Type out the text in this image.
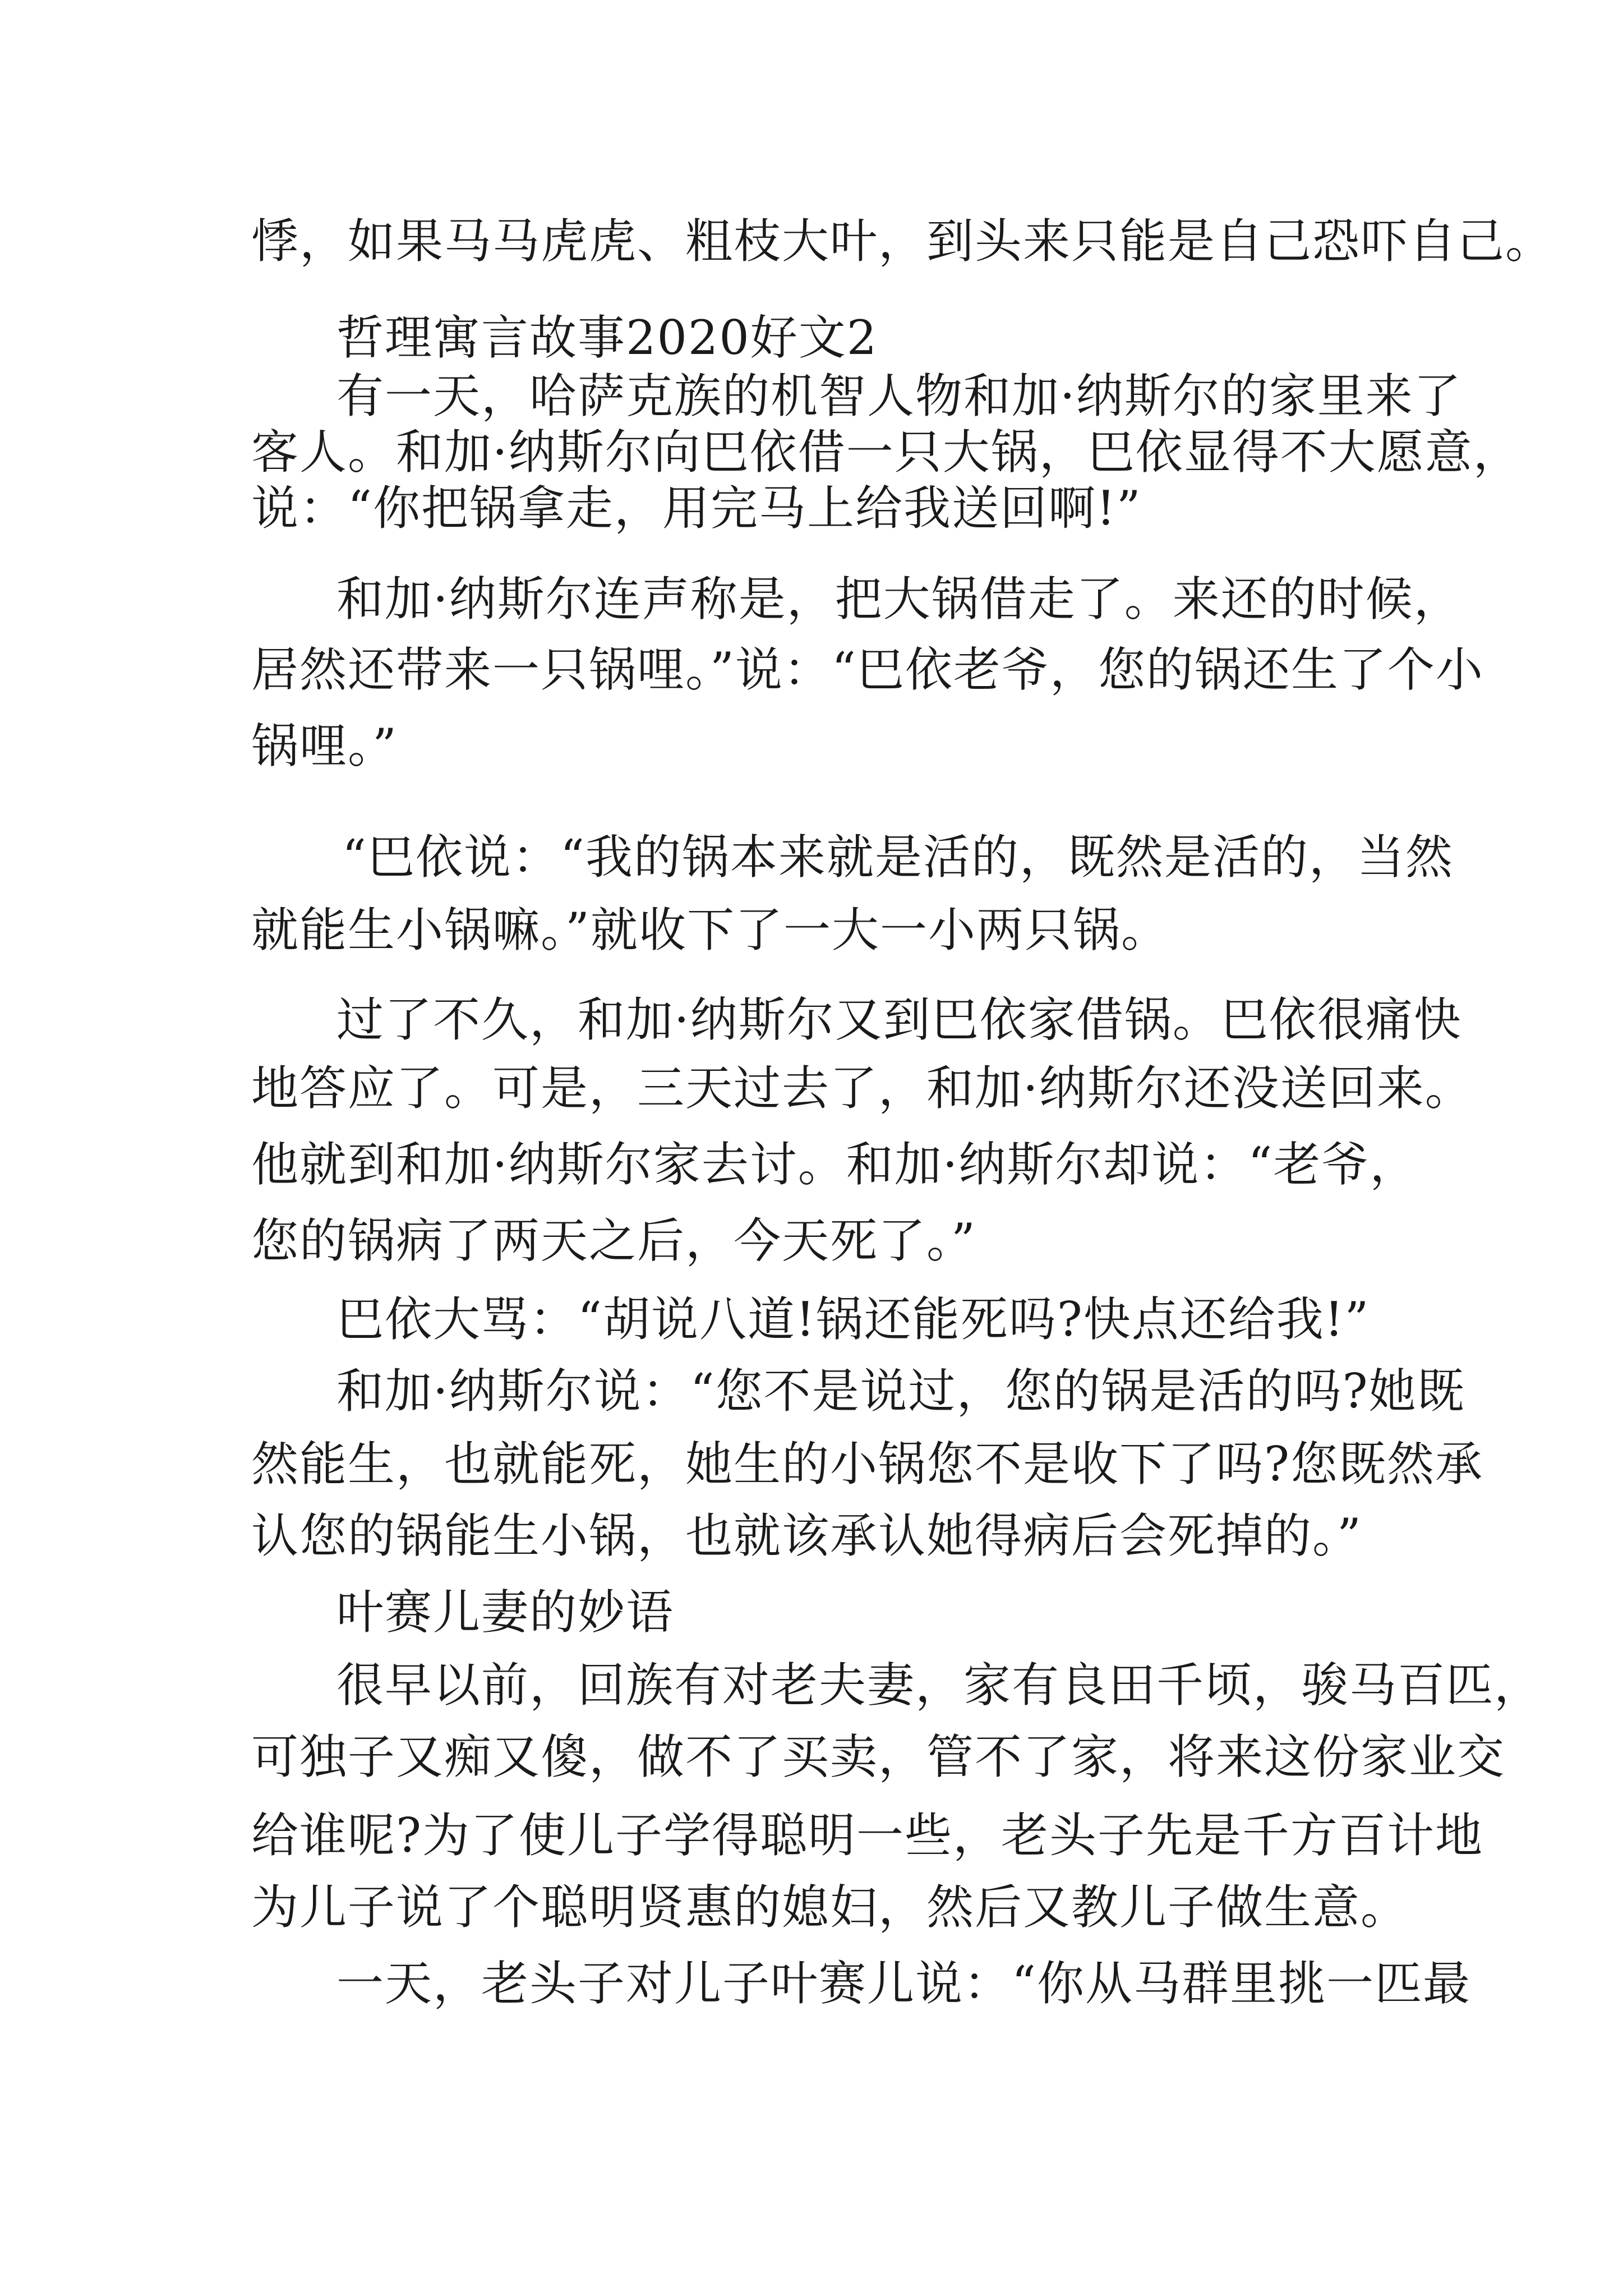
悸，如果马马虎虎、粗枝大叶，到头来只能是自己恐吓自己。
哲理寓言故事2020好文2
有一天，哈萨克族的机智人物和加·纳斯尔的家里来了
客人。和加·纳斯尔向巴依借一只大锅，巴依显得不大愿意，
说：“你把锅拿走，用完马上给我送回啊!”
和加·纳斯尔连声称是，把大锅借走了。来还的时候，
居然还带来一只锅哩。”说：“巴依老爷，您的锅还生了个小
锅哩。”
“巴依说：“我的锅本来就是活的，既然是活的，当然
就能生小锅嘛。”就收下了一大一小两只锅。
过了不久，和加·纳斯尔又到巴依家借锅。巴依很痛快
地答应了。可是，三天过去了，和加·纳斯尔还没送回来。
他就到和加·纳斯尔家去讨。和加·纳斯尔却说：“老爷，
您的锅病了两天之后，今天死了。”
巴依大骂：“胡说八道!锅还能死吗?快点还给我!”
和加·纳斯尔说：“您不是说过，您的锅是活的吗?她既
然能生，也就能死，她生的小锅您不是收下了吗?您既然承
认您的锅能生小锅，也就该承认她得病后会死掉的。”
叶赛儿妻的妙语
很早以前，回族有对老夫妻，家有良田千顷，骏马百匹，
可独子又痴又傻，做不了买卖，管不了家，将来这份家业交
给谁呢?为了使儿子学得聪明一些，老头子先是千方百计地
为儿子说了个聪明贤惠的媳妇，然后又教儿子做生意。
一天，老头子对儿子叶赛儿说：“你从马群里挑一匹最
